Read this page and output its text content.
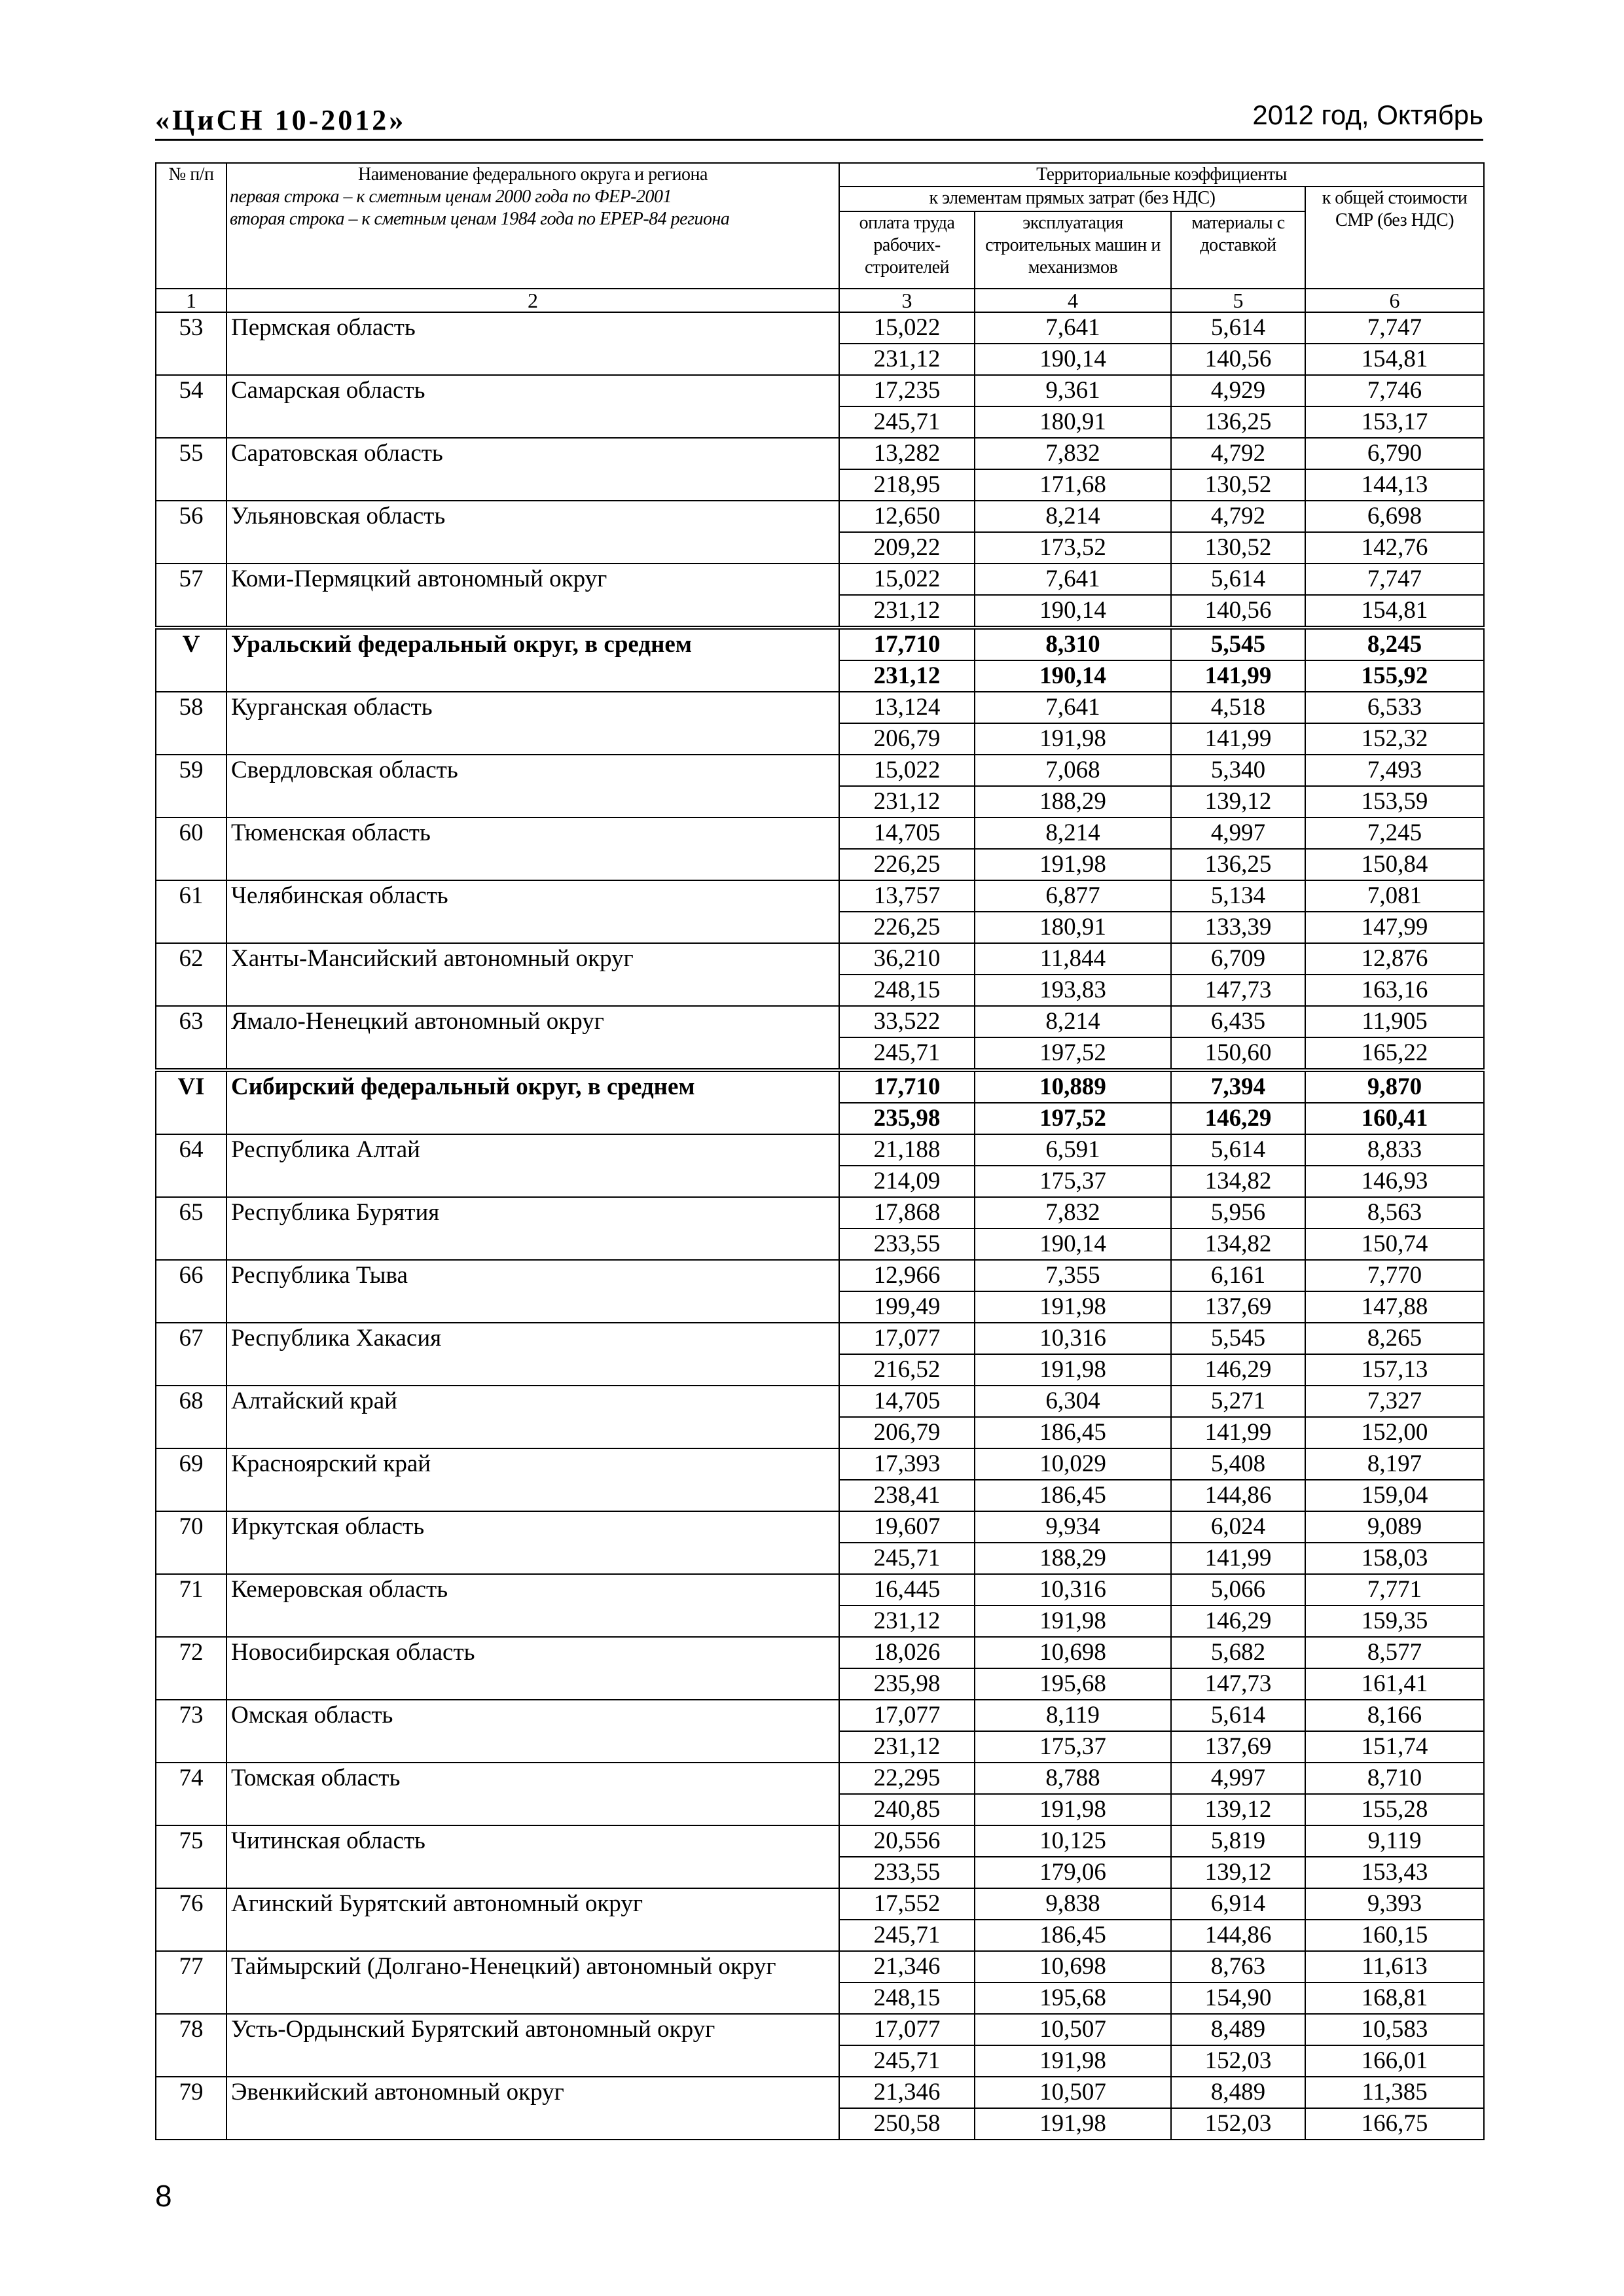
«ЦиСН 10-2012»	2012 год, Октябрь
№ п/п	Наименование федерального округа и региона
первая строка – к сметным ценам 2000 года по ФЕР-2001
вторая строка – к сметным ценам 1984 года по ЕРЕР-84 региона	Территориальные коэффициенты			
		к элементам прямых затрат (без НДС)			к общей стоимости СМР (без НДС)
		оплата труда рабочих-строителей	эксплуатация строительных машин и механизмов	материалы с доставкой	
1	2	3	4	5	6
53	Пермская область	15,022	7,641	5,614	7,747
		231,12	190,14	140,56	154,81
54	Самарская область	17,235	9,361	4,929	7,746
		245,71	180,91	136,25	153,17
55	Саратовская область	13,282	7,832	4,792	6,790
		218,95	171,68	130,52	144,13
56	Ульяновская область	12,650	8,214	4,792	6,698
		209,22	173,52	130,52	142,76
57	Коми-Пермяцкий автономный округ	15,022	7,641	5,614	7,747
		231,12	190,14	140,56	154,81
V	Уральский федеральный округ, в среднем	17,710	8,310	5,545	8,245
		231,12	190,14	141,99	155,92
58	Курганская область	13,124	7,641	4,518	6,533
		206,79	191,98	141,99	152,32
59	Свердловская область	15,022	7,068	5,340	7,493
		231,12	188,29	139,12	153,59
60	Тюменская область	14,705	8,214	4,997	7,245
		226,25	191,98	136,25	150,84
61	Челябинская область	13,757	6,877	5,134	7,081
		226,25	180,91	133,39	147,99
62	Ханты-Мансийский автономный округ	36,210	11,844	6,709	12,876
		248,15	193,83	147,73	163,16
63	Ямало-Ненецкий автономный округ	33,522	8,214	6,435	11,905
		245,71	197,52	150,60	165,22
VI	Сибирский федеральный округ, в среднем	17,710	10,889	7,394	9,870
		235,98	197,52	146,29	160,41
64	Республика Алтай	21,188	6,591	5,614	8,833
		214,09	175,37	134,82	146,93
65	Республика Бурятия	17,868	7,832	5,956	8,563
		233,55	190,14	134,82	150,74
66	Республика Тыва	12,966	7,355	6,161	7,770
		199,49	191,98	137,69	147,88
67	Республика Хакасия	17,077	10,316	5,545	8,265
		216,52	191,98	146,29	157,13
68	Алтайский край	14,705	6,304	5,271	7,327
		206,79	186,45	141,99	152,00
69	Красноярский край	17,393	10,029	5,408	8,197
		238,41	186,45	144,86	159,04
70	Иркутская область	19,607	9,934	6,024	9,089
		245,71	188,29	141,99	158,03
71	Кемеровская область	16,445	10,316	5,066	7,771
		231,12	191,98	146,29	159,35
72	Новосибирская область	18,026	10,698	5,682	8,577
		235,98	195,68	147,73	161,41
73	Омская область	17,077	8,119	5,614	8,166
		231,12	175,37	137,69	151,74
74	Томская область	22,295	8,788	4,997	8,710
		240,85	191,98	139,12	155,28
75	Читинская область	20,556	10,125	5,819	9,119
		233,55	179,06	139,12	153,43
76	Агинский Бурятский автономный округ	17,552	9,838	6,914	9,393
		245,71	186,45	144,86	160,15
77	Таймырский (Долгано-Ненецкий) автономный округ	21,346	10,698	8,763	11,613
		248,15	195,68	154,90	168,81
78	Усть-Ордынский Бурятский автономный округ	17,077	10,507	8,489	10,583
		245,71	191,98	152,03	166,01
79	Эвенкийский автономный округ	21,346	10,507	8,489	11,385
		250,58	191,98	152,03	166,75
8
